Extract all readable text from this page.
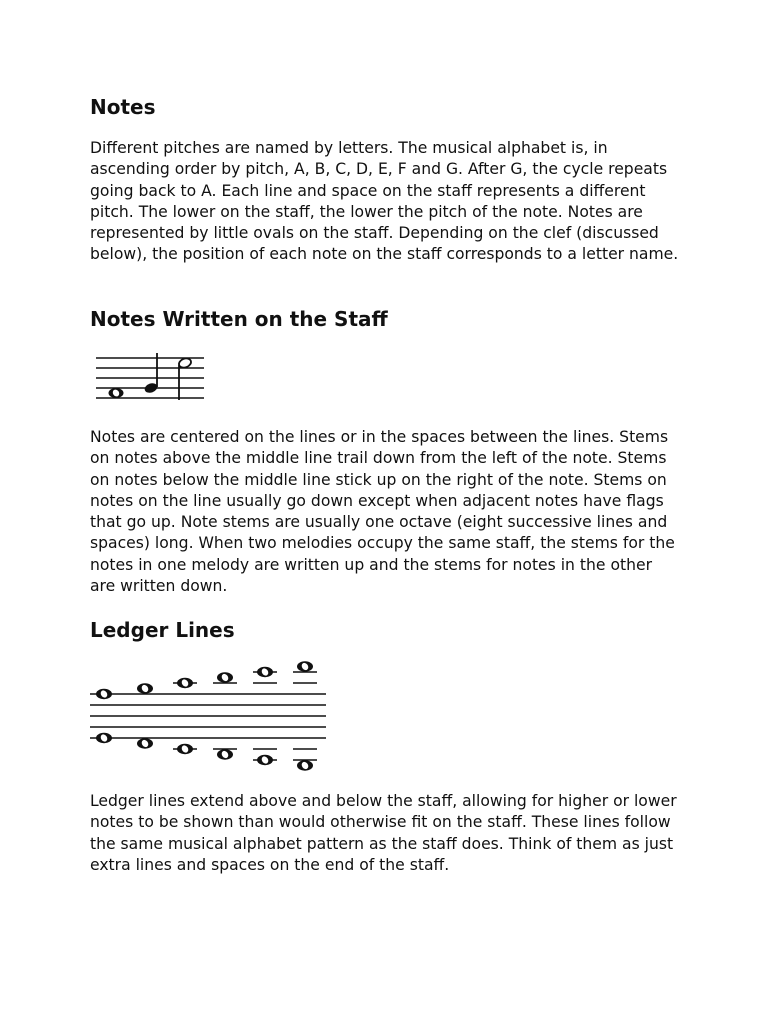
Notes

Different pitches are named by letters. The musical alphabet is, in ascending order by pitch, A, B, C, D, E, F and G. After G, the cycle repeats going back to A. Each line and space on the staff represents a different pitch. The lower on the staff, the lower the pitch of the note. Notes are represented by little ovals on the staff. Depending on the clef (discussed below), the position of each note on the staff corresponds to a letter name.

Notes Written on the Staff

Notes are centered on the lines or in the spaces between the lines. Stems on notes above the middle line trail down from the left of the note. Stems on notes below the middle line stick up on the right of the note. Stems on notes on the line usually go down except when adjacent notes have flags that go up. Note stems are usually one octave (eight successive lines and spaces) long. When two melodies occupy the same staff, the stems for the notes in one melody are written up and the stems for notes in the other are written down.

Ledger Lines

Ledger lines extend above and below the staff, allowing for higher or lower notes to be shown than would otherwise fit on the staff. These lines follow the same musical alphabet pattern as the staff does. Think of them as just extra lines and spaces on the end of the staff.
